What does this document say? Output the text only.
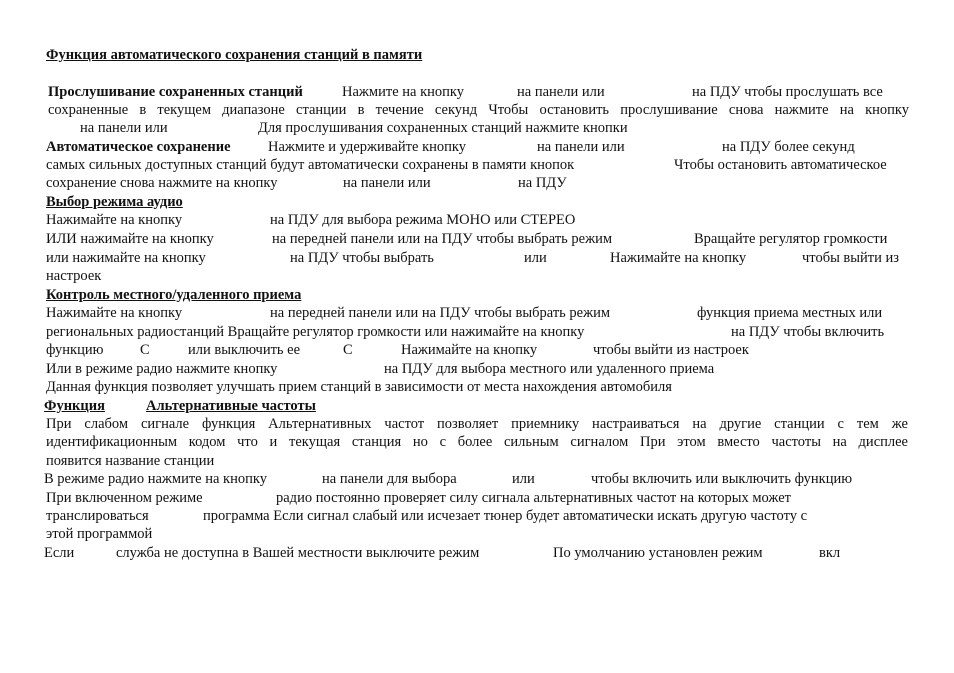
Функция автоматического сохранения станций в памяти
Прослушивание сохраненных станций	Нажмите на кнопку	на панели или	на ПДУ чтобы прослушать все
сохраненные в текущем диапазоне станции в течение секунд Чтобы остановить прослушивание снова нажмите на кнопку
на панели или	Для прослушивания сохраненных станций нажмите кнопки
Автоматическое сохранение	Нажмите и удерживайте кнопку	на панели или	на ПДУ более секунд
самых сильных доступных станций будут автоматически сохранены в памяти кнопок	Чтобы остановить автоматическое
сохранение снова нажмите на кнопку	на панели или	на ПДУ
Выбор режима аудио
Нажимайте на кнопку	на ПДУ для выбора режима МОНО или СТЕРЕО
ИЛИ нажимайте на кнопку	на передней панели или на ПДУ чтобы выбрать режим	Вращайте регулятор громкости
или нажимайте на кнопку	на ПДУ чтобы выбрать	или	Нажимайте на кнопку	чтобы выйти из
настроек
Контроль местного/удаленного приема
Нажимайте на кнопку	на передней панели или на ПДУ чтобы выбрать режим	функция приема местных или
региональных радиостанций Вращайте регулятор громкости или нажимайте на кнопку	на ПДУ чтобы включить
функцию	С	или выключить ее	С	Нажимайте на кнопку	чтобы выйти из настроек
Или в режиме радио нажмите кнопку	на ПДУ для выбора местного или удаленного приема
Данная функция позволяет улучшать прием станций в зависимости от места нахождения автомобиля
Функция	Альтернативные частоты
При слабом сигнале функция Альтернативных частот позволяет приемнику настраиваться на другие станции с тем же
идентификационным кодом что и текущая станция но с более сильным сигналом При этом вместо частоты на дисплее
появится название станции
В режиме радио нажмите на кнопку	на панели для выбора	или	чтобы включить или выключить функцию
При включенном режиме	радио постоянно проверяет силу сигнала альтернативных частот на которых может
транслироваться	программа Если сигнал слабый или исчезает тюнер будет автоматически искать другую частоту с
этой программой
Если	служба не доступна в Вашей местности выключите режим	По умолчанию установлен режим	вкл
